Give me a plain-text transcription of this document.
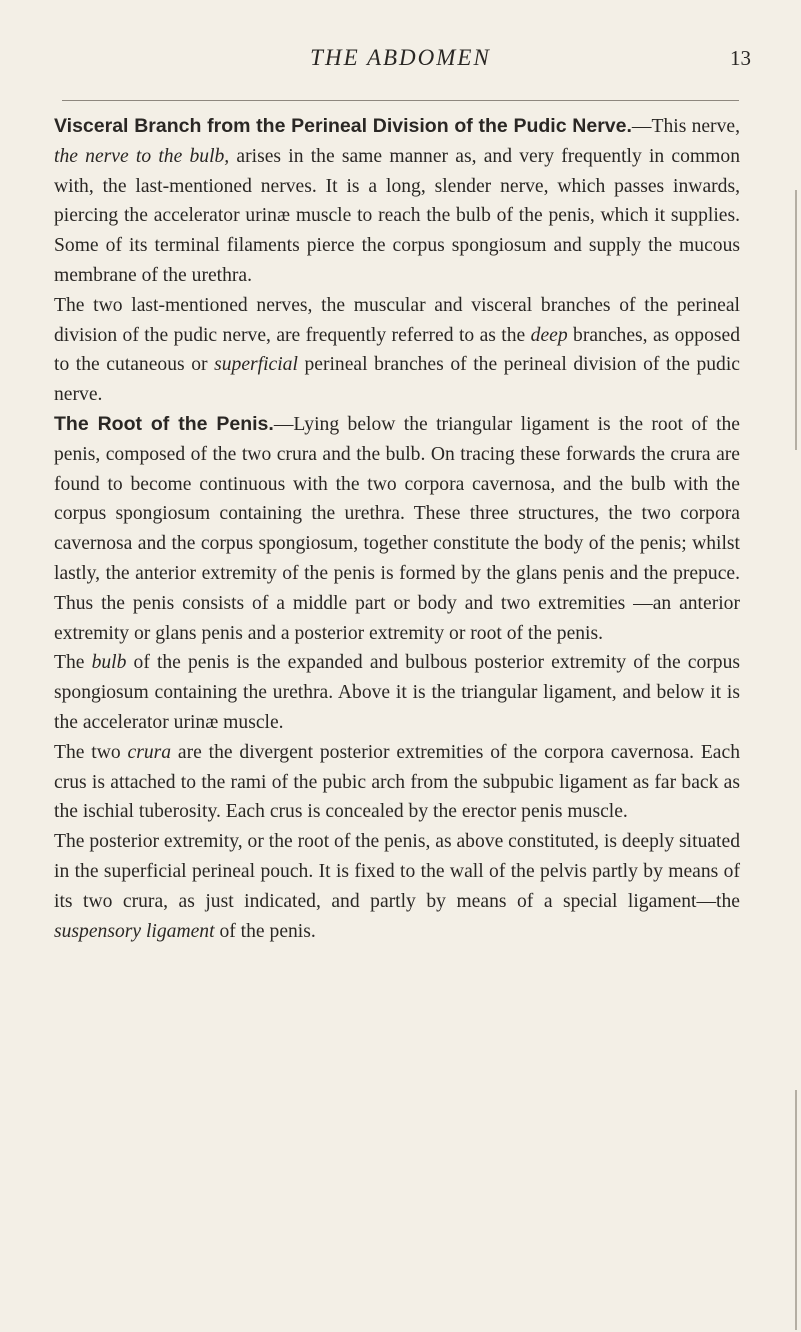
THE ABDOMEN	13

Visceral Branch from the Perineal Division of the Pudic Nerve.—This nerve, the nerve to the bulb, arises in the same manner as, and very frequently in common with, the last-mentioned nerves. It is a long, slender nerve, which passes inwards, piercing the accelerator urinæ muscle to reach the bulb of the penis, which it supplies. Some of its terminal filaments pierce the corpus spongiosum and supply the mucous membrane of the urethra.

The two last-mentioned nerves, the muscular and visceral branches of the perineal division of the pudic nerve, are frequently referred to as the deep branches, as opposed to the cutaneous or superficial perineal branches of the perineal division of the pudic nerve.

The Root of the Penis.—Lying below the triangular ligament is the root of the penis, composed of the two crura and the bulb. On tracing these forwards the crura are found to become continuous with the two corpora cavernosa, and the bulb with the corpus spongiosum containing the urethra. These three structures, the two corpora cavernosa and the corpus spongiosum, together constitute the body of the penis; whilst lastly, the anterior extremity of the penis is formed by the glans penis and the prepuce. Thus the penis consists of a middle part or body and two extremities —an anterior extremity or glans penis and a posterior extremity or root of the penis.

The bulb of the penis is the expanded and bulbous posterior extremity of the corpus spongiosum containing the urethra. Above it is the triangular ligament, and below it is the accelerator urinæ muscle.

The two crura are the divergent posterior extremities of the corpora cavernosa. Each crus is attached to the rami of the pubic arch from the subpubic ligament as far back as the ischial tuberosity. Each crus is concealed by the erector penis muscle.

The posterior extremity, or the root of the penis, as above constituted, is deeply situated in the superficial perineal pouch. It is fixed to the wall of the pelvis partly by means of its two crura, as just indicated, and partly by means of a special ligament—the suspensory ligament of the penis.
